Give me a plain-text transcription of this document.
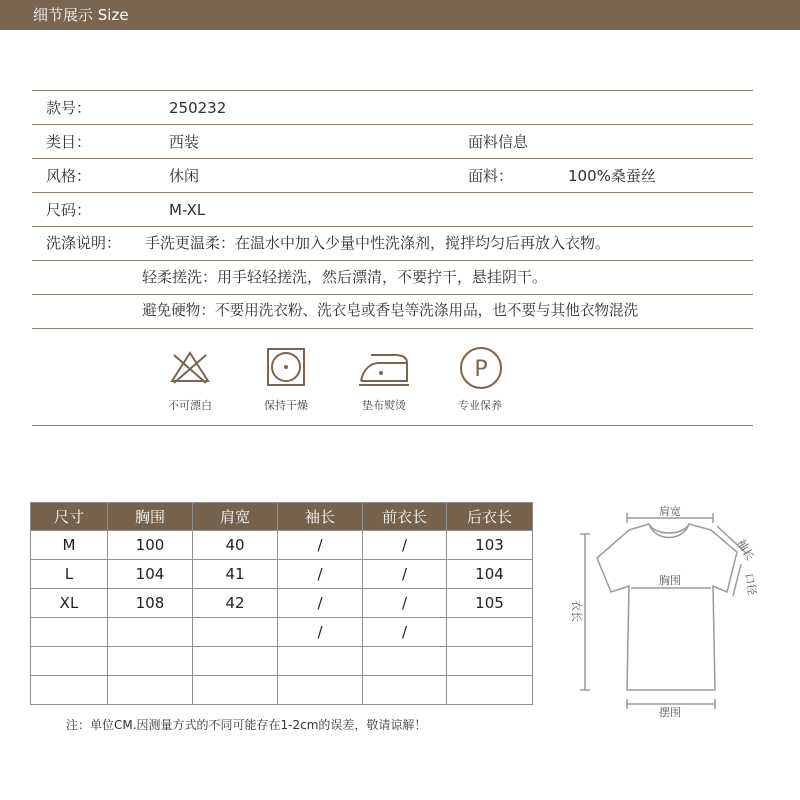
细节展示 Size
款号：	250232
类目：	西装	面料信息
风格：	休闲	面料：	100%桑蚕丝
尺码：	M-XL
洗涤说明： 手洗更温柔：在温水中加入少量中性洗涤剂，搅拌均匀后再放入衣物。
轻柔搓洗：用手轻轻搓洗，然后漂清，不要拧干，悬挂阴干。
避免硬物：不要用洗衣粉、洗衣皂或香皂等洗涤用品，也不要与其他衣物混洗
不可漂白	保持干燥	垫布熨烫
P
专业保养
尺寸	胸围	肩宽	袖长	前衣长	后衣长
M	100	40	/	/	103
L	104	41	/	/	104
XL	108	42	/	/	105
			/	/	

注：单位CM.因测量方式的不同可能存在1-2cm的误差，敬请谅解！
肩宽
胸围
袖长
口径
衣长
摆围
